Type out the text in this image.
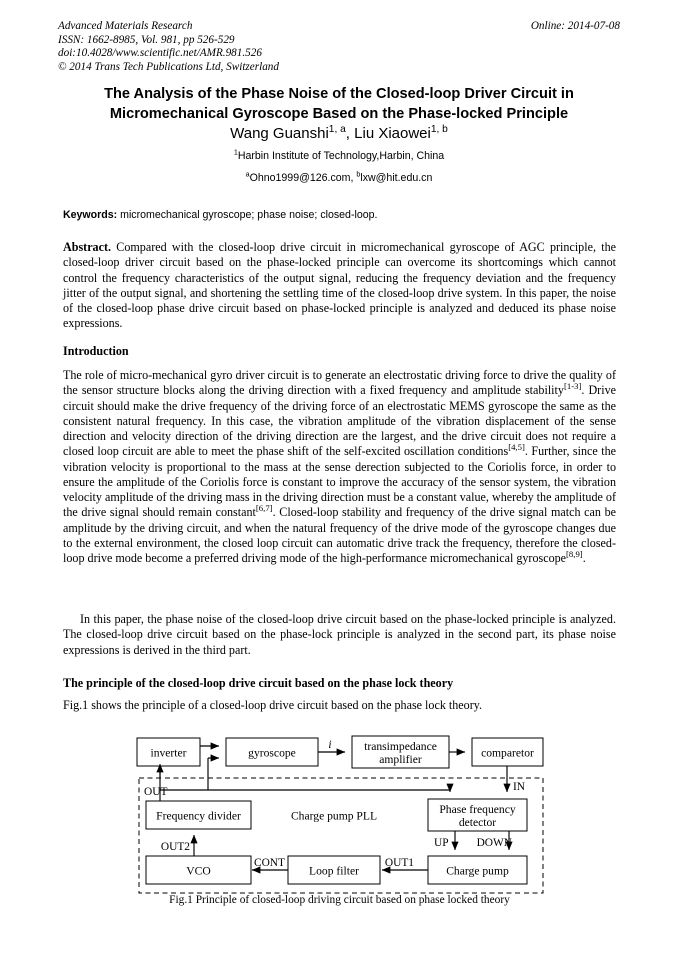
Advanced Materials Research	Online: 2014-07-08
ISSN: 1662-8985, Vol. 981, pp 526-529
doi:10.4028/www.scientific.net/AMR.981.526
© 2014 Trans Tech Publications Ltd, Switzerland
The Analysis of the Phase Noise of the Closed-loop Driver Circuit in
Micromechanical Gyroscope Based on the Phase-locked Principle
Wang Guanshi$^{1, a}$, Liu Xiaowei$^{1, b}$
$^1$Harbin Institute of Technology,Harbin, China
$^a$Ohno1999@126.com, $^b$lxw@hit.edu.cn
Keywords: micromechanical gyroscope; phase noise; closed-loop.
Abstract. Compared with the closed-loop drive circuit in micromechanical gyroscope of AGC principle, the closed-loop driver circuit based on the phase-locked principle can overcome its shortcomings which cannot control the frequency characteristics of the output signal, reducing the frequency deviation and the frequency jitter of the output signal, and shortening the settling time of the closed-loop drive system. In this paper, the noise of the closed-loop phase drive circuit based on phase-locked principle is analyzed and deduced its phase noise expressions.
Introduction
The role of micro-mechanical gyro driver circuit is to generate an electrostatic driving force to drive the quality of the sensor structure blocks along the driving direction with a fixed frequency and amplitude stability[1-3]. Drive circuit should make the drive frequency of the driving force of an electrostatic MEMS gyroscope the same as the consistent natural frequency. In this case, the vibration amplitude of the vibration displacement of the sense direction and velocity direction of the driving direction are the largest, and the drive circuit does not require a closed loop circuit are able to meet the phase shift of the self-excited oscillation conditions[4,5]. Further, since the vibration velocity is proportional to the mass at the sense derection subjected to the Coriolis force, in order to ensure the amplitude of the Coriolis force is constant to improve the accuracy of the sensor system, the vibration velocity amplitude of the driving mass in the driving direction must be a constant value, whereby the amplitude of the drive signal should remain constant[6,7]. Closed-loop stability and frequency of the drive signal match can be amplitude by the driving circuit, and when the natural frequency of the drive mode of the gyroscope changes due to the external environment, the closed loop circuit can automatic drive track the frequency, therefore the closed-loop drive mode become a preferred driving mode of the high-performance micromechanical gyroscope[8,9].
In this paper, the phase noise of the closed-loop drive circuit based on the phase-locked principle is analyzed. The closed-loop drive circuit based on the phase-lock principle is analyzed in the second part, its phase noise expressions is derived in the third part.
The principle of the closed-loop drive circuit based on the phase lock theory
Fig.1 shows the principle of a closed-loop drive circuit based on the phase lock theory.
inverter	gyroscope	transimpedance
amplifier	comparetor
Frequency divider	Charge pump PLL	Phase frequency
detector
VCO	Loop filter	Charge pump
i
OUT	IN
UP DOWN
OUT1
OUT2
CONT
Fig.1 Principle of closed-loop driving circuit based on phase locked theory
